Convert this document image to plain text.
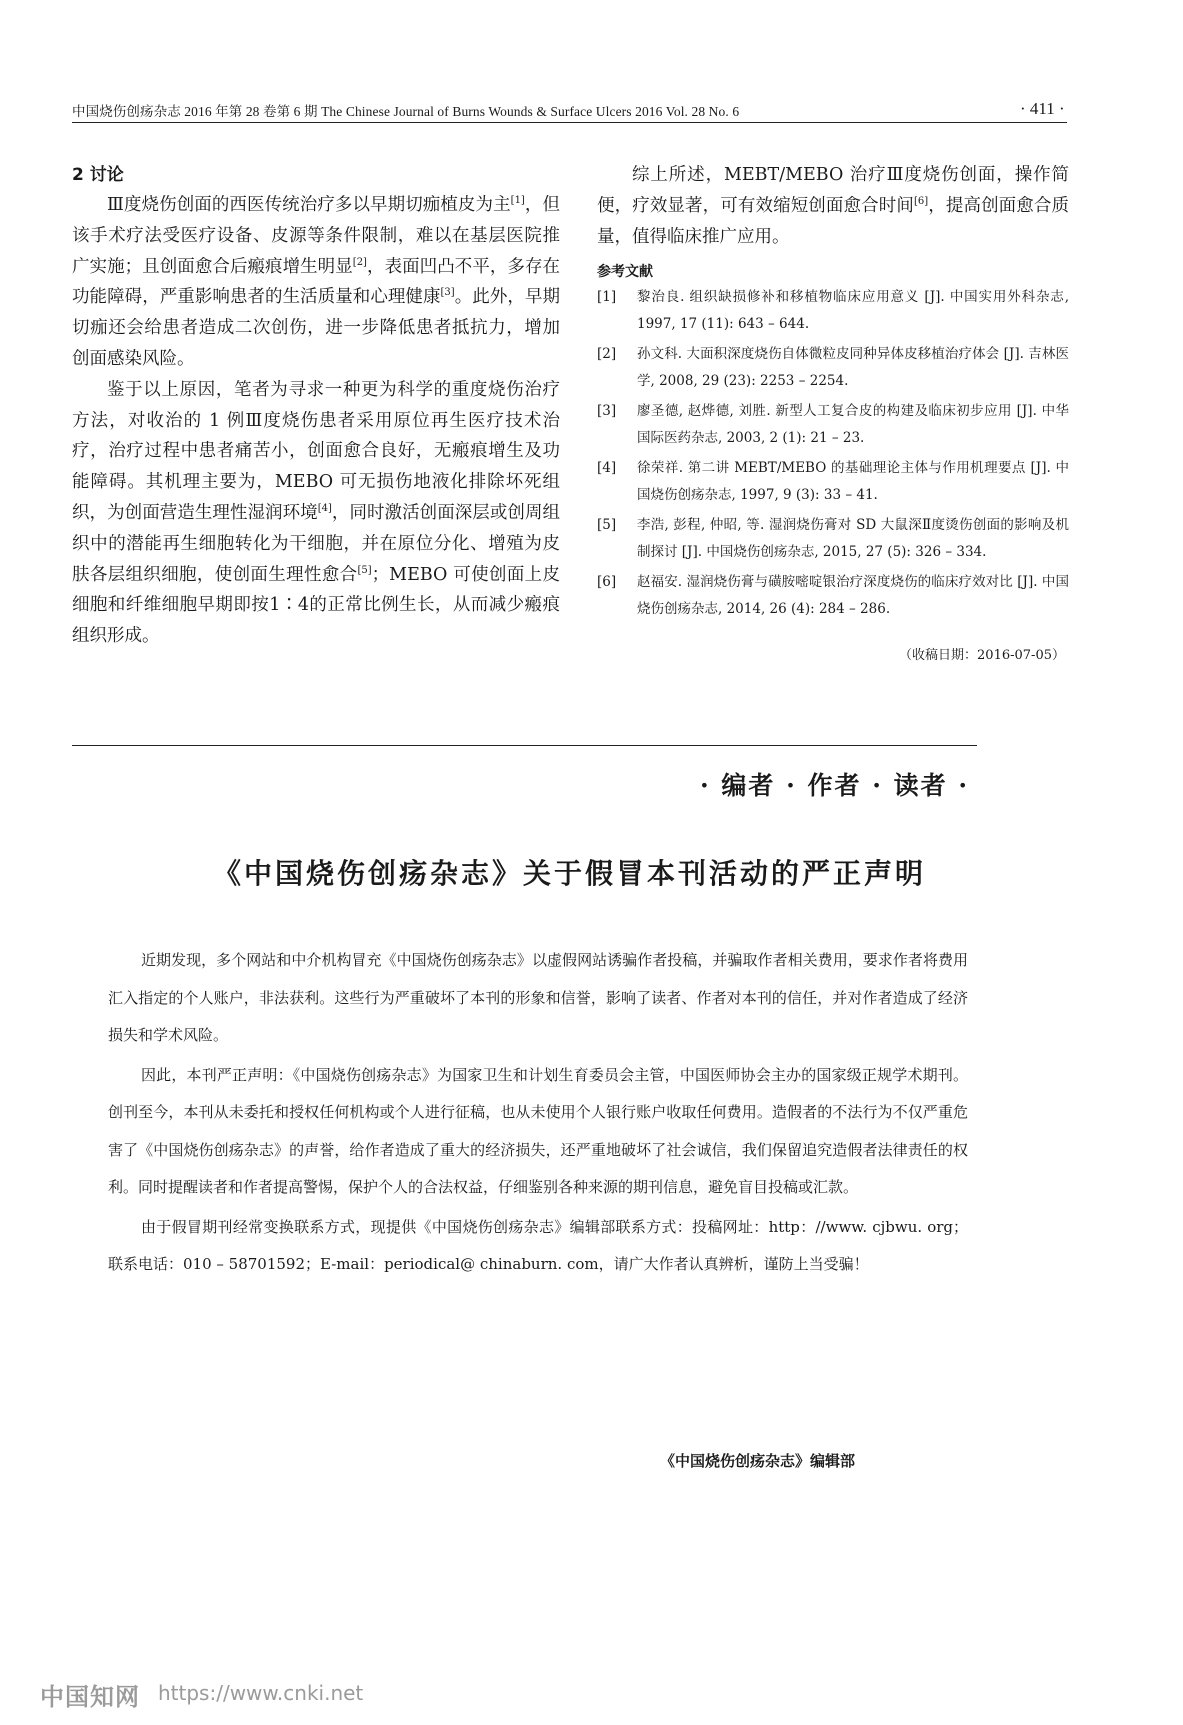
中国烧伤创疡杂志 2016 年第 28 卷第 6 期 The Chinese Journal of Burns Wounds & Surface Ulcers 2016 Vol. 28 No. 6	· 411 ·
2 讨论

Ⅲ度烧伤创面的西医传统治疗多以早期切痂植皮为主[1]，但该手术疗法受医疗设备、皮源等条件限制，难以在基层医院推广实施；且创面愈合后瘢痕增生明显[2]，表面凹凸不平，多存在功能障碍，严重影响患者的生活质量和心理健康[3]。此外，早期切痂还会给患者造成二次创伤，进一步降低患者抵抗力，增加创面感染风险。

鉴于以上原因，笔者为寻求一种更为科学的重度烧伤治疗方法，对收治的 1 例Ⅲ度烧伤患者采用原位再生医疗技术治疗，治疗过程中患者痛苦小，创面愈合良好，无瘢痕增生及功能障碍。其机理主要为，MEBO 可无损伤地液化排除坏死组织，为创面营造生理性湿润环境[4]，同时激活创面深层或创周组织中的潜能再生细胞转化为干细胞，并在原位分化、增殖为皮肤各层组织细胞，使创面生理性愈合[5]；MEBO 可使创面上皮细胞和纤维细胞早期即按1∶4的正常比例生长，从而减少瘢痕组织形成。

综上所述，MEBT/MEBO 治疗Ⅲ度烧伤创面，操作简便，疗效显著，可有效缩短创面愈合时间[6]，提高创面愈合质量，值得临床推广应用。

参考文献
[1] 黎治良. 组织缺损修补和移植物临床应用意义 [J]. 中国实用外科杂志, 1997, 17 (11): 643 – 644.
[2] 孙文科. 大面积深度烧伤自体微粒皮同种异体皮移植治疗体会 [J]. 吉林医学, 2008, 29 (23): 2253 – 2254.
[3] 廖圣德, 赵烨德, 刘胜. 新型人工复合皮的构建及临床初步应用 [J]. 中华国际医药杂志, 2003, 2 (1): 21 – 23.
[4] 徐荣祥. 第二讲 MEBT/MEBO 的基础理论主体与作用机理要点 [J]. 中国烧伤创疡杂志, 1997, 9 (3): 33 – 41.
[5] 李浩, 彭程, 仲昭, 等. 湿润烧伤膏对 SD 大鼠深Ⅱ度烫伤创面的影响及机制探讨 [J]. 中国烧伤创疡杂志, 2015, 27 (5): 326 – 334.
[6] 赵福安. 湿润烧伤膏与磺胺嘧啶银治疗深度烧伤的临床疗效对比 [J]. 中国烧伤创疡杂志, 2014, 26 (4): 284 – 286.
（收稿日期：2016-07-05）
· 编者 · 作者 · 读者 ·
《中国烧伤创疡杂志》关于假冒本刊活动的严正声明

近期发现，多个网站和中介机构冒充《中国烧伤创疡杂志》以虚假网站诱骗作者投稿，并骗取作者相关费用，要求作者将费用汇入指定的个人账户，非法获利。这些行为严重破坏了本刊的形象和信誉，影响了读者、作者对本刊的信任，并对作者造成了经济损失和学术风险。

因此，本刊严正声明：《中国烧伤创疡杂志》为国家卫生和计划生育委员会主管，中国医师协会主办的国家级正规学术期刊。创刊至今，本刊从未委托和授权任何机构或个人进行征稿，也从未使用个人银行账户收取任何费用。造假者的不法行为不仅严重危害了《中国烧伤创疡杂志》的声誉，给作者造成了重大的经济损失，还严重地破坏了社会诚信，我们保留追究造假者法律责任的权利。同时提醒读者和作者提高警惕，保护个人的合法权益，仔细鉴别各种来源的期刊信息，避免盲目投稿或汇款。

由于假冒期刊经常变换联系方式，现提供《中国烧伤创疡杂志》编辑部联系方式：投稿网址：http：//www. cjbwu. org；联系电话：010 – 58701592；E-mail：periodical@ chinaburn. com，请广大作者认真辨析，谨防上当受骗！

《中国烧伤创疡杂志》编辑部
中国知网 https://www.cnki.net
